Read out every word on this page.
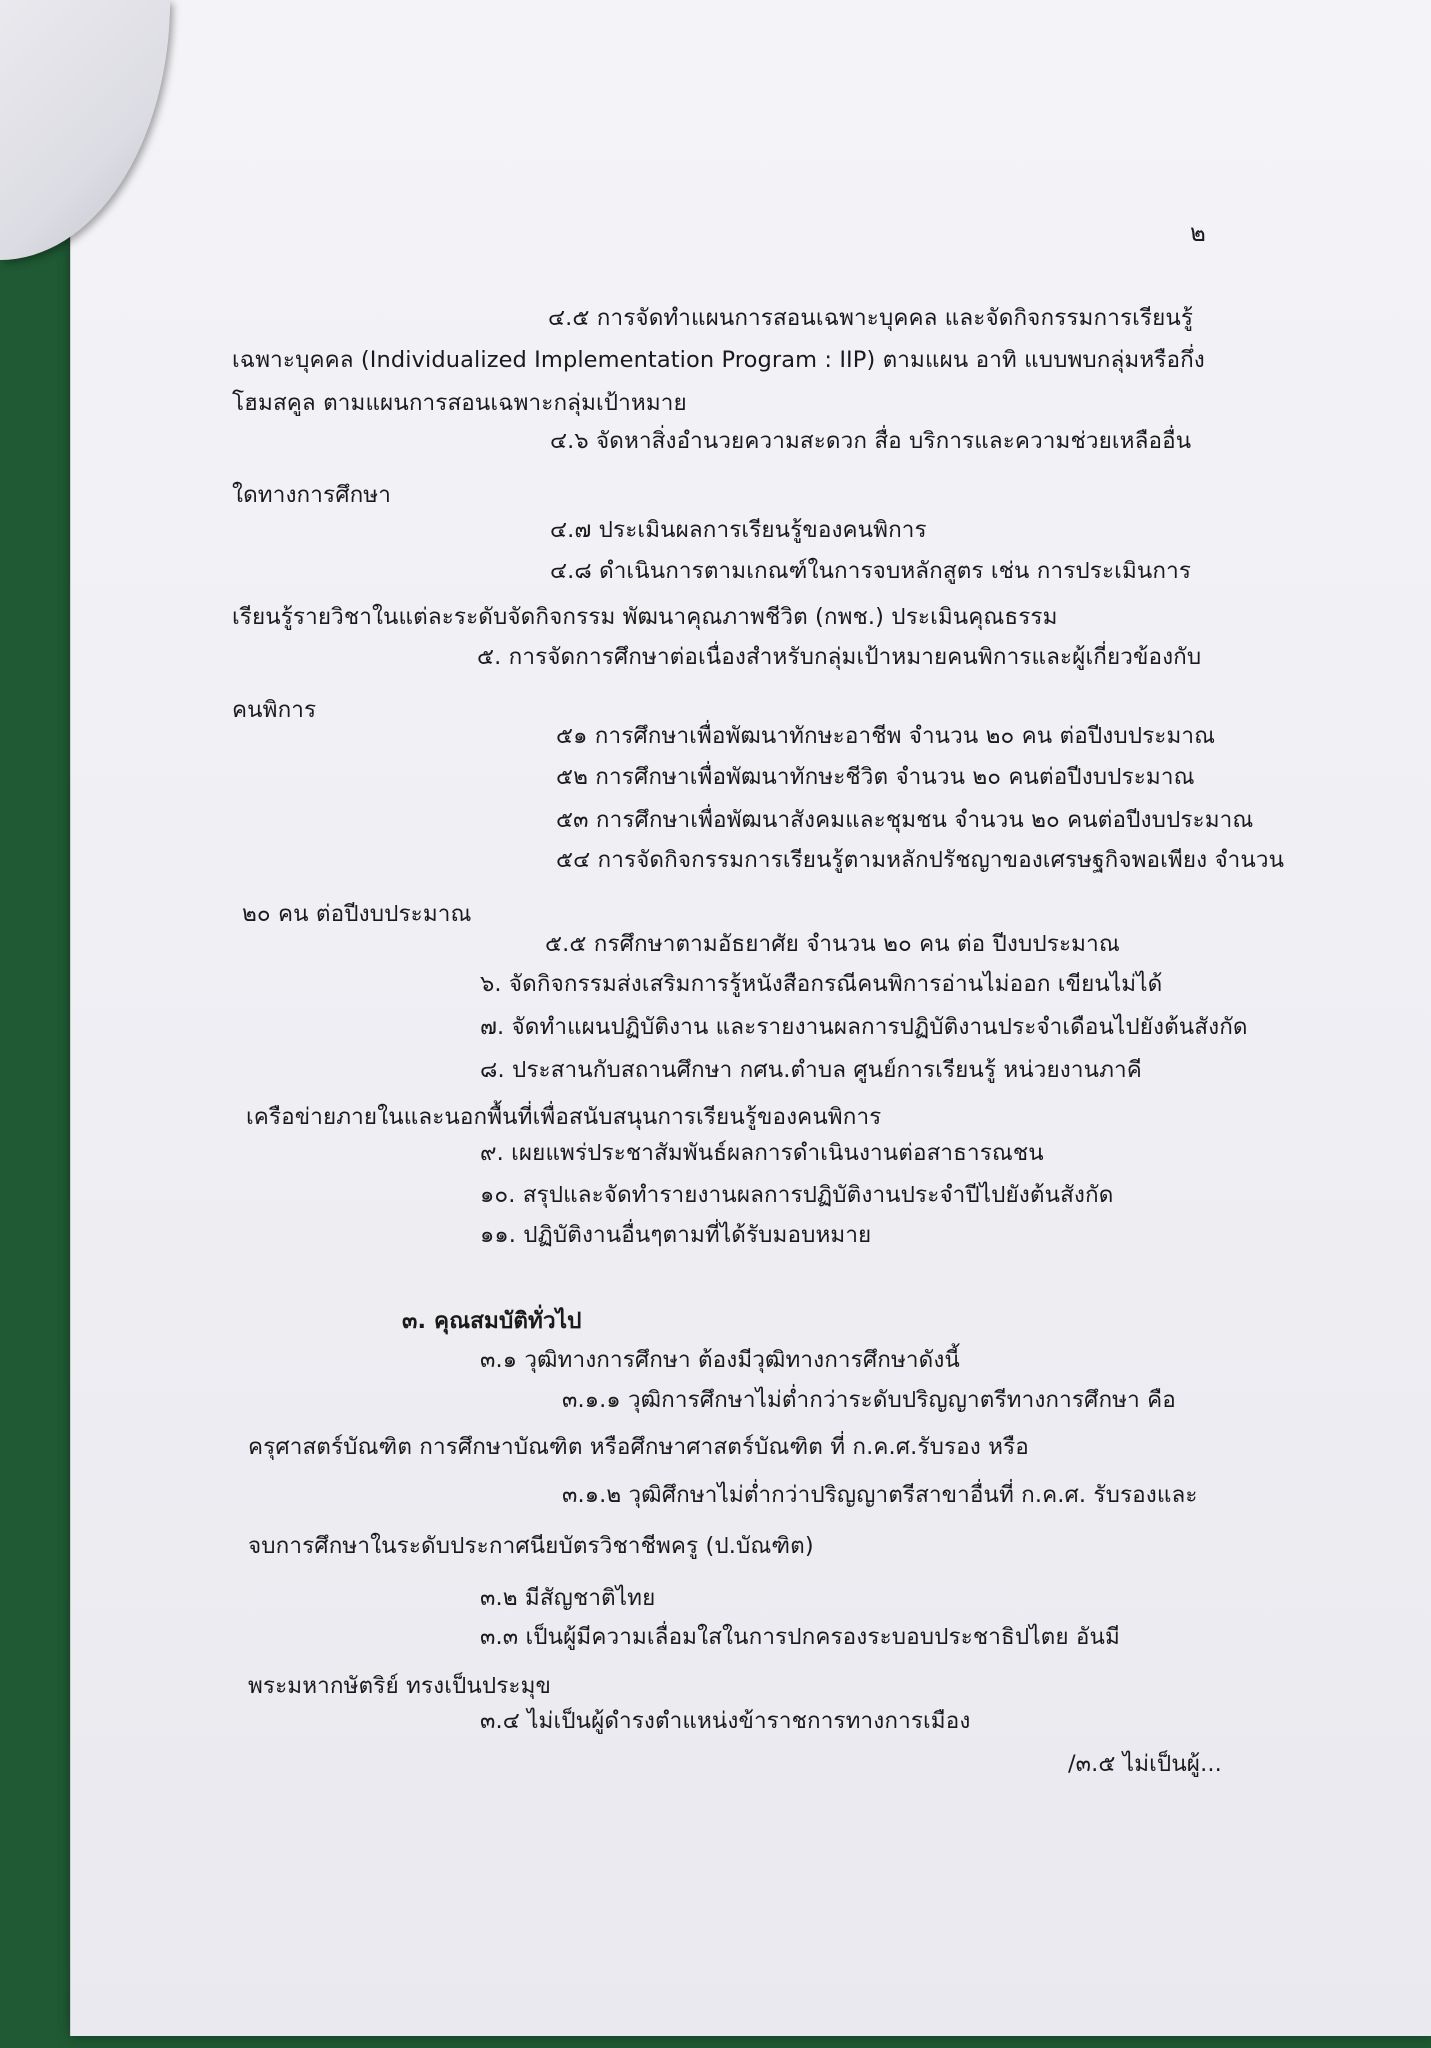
๒
๔.๕ การจัดทำแผนการสอนเฉพาะบุคคล และจัดกิจกรรมการเรียนรู้
เฉพาะบุคคล (Individualized Implementation Program : IIP) ตามแผน อาทิ แบบพบกลุ่มหรือกึ่ง
โฮมสคูล ตามแผนการสอนเฉพาะกลุ่มเป้าหมาย
๔.๖ จัดหาสิ่งอำนวยความสะดวก สื่อ บริการและความช่วยเหลืออื่น
ใดทางการศึกษา
๔.๗ ประเมินผลการเรียนรู้ของคนพิการ
๔.๘ ดำเนินการตามเกณฑ์ในการจบหลักสูตร เช่น การประเมินการ
เรียนรู้รายวิชาในแต่ละระดับจัดกิจกรรม พัฒนาคุณภาพชีวิต (กพช.) ประเมินคุณธรรม
๕. การจัดการศึกษาต่อเนื่องสำหรับกลุ่มเป้าหมายคนพิการและผู้เกี่ยวข้องกับ
คนพิการ
๕๑ การศึกษาเพื่อพัฒนาทักษะอาชีพ จำนวน ๒๐ คน ต่อปีงบประมาณ
๕๒ การศึกษาเพื่อพัฒนาทักษะชีวิต จำนวน ๒๐ คนต่อปีงบประมาณ
๕๓ การศึกษาเพื่อพัฒนาสังคมและชุมชน จำนวน ๒๐ คนต่อปีงบประมาณ
๕๔ การจัดกิจกรรมการเรียนรู้ตามหลักปรัชญาของเศรษฐกิจพอเพียง จำนวน
๒๐ คน ต่อปีงบประมาณ
๕.๕ กรศึกษาตามอัธยาศัย จำนวน ๒๐ คน ต่อ ปีงบประมาณ
๖. จัดกิจกรรมส่งเสริมการรู้หนังสือกรณีคนพิการอ่านไม่ออก เขียนไม่ได้
๗. จัดทำแผนปฏิบัติงาน และรายงานผลการปฏิบัติงานประจำเดือนไปยังต้นสังกัด
๘. ประสานกับสถานศึกษา กศน.ตำบล ศูนย์การเรียนรู้ หน่วยงานภาคี
เครือข่ายภายในและนอกพื้นที่เพื่อสนับสนุนการเรียนรู้ของคนพิการ
๙. เผยแพร่ประชาสัมพันธ์ผลการดำเนินงานต่อสาธารณชน
๑๐. สรุปและจัดทำรายงานผลการปฏิบัติงานประจำปีไปยังต้นสังกัด
๑๑. ปฏิบัติงานอื่นๆตามที่ได้รับมอบหมาย
๓. คุณสมบัติทั่วไป
๓.๑ วุฒิทางการศึกษา ต้องมีวุฒิทางการศึกษาดังนี้
๓.๑.๑ วุฒิการศึกษาไม่ต่ำกว่าระดับปริญญาตรีทางการศึกษา คือ
ครุศาสตร์บัณฑิต การศึกษาบัณฑิต หรือศึกษาศาสตร์บัณฑิต ที่ ก.ค.ศ.รับรอง หรือ
๓.๑.๒ วุฒิศึกษาไม่ต่ำกว่าปริญญาตรีสาขาอื่นที่ ก.ค.ศ. รับรองและ
จบการศึกษาในระดับประกาศนียบัตรวิชาชีพครู (ป.บัณฑิต)
๓.๒ มีสัญชาติไทย
๓.๓ เป็นผู้มีความเลื่อมใสในการปกครองระบอบประชาธิปไตย อันมี
พระมหากษัตริย์ ทรงเป็นประมุข
๓.๔ ไม่เป็นผู้ดำรงตำแหน่งข้าราชการทางการเมือง
/๓.๕ ไม่เป็นผู้...
